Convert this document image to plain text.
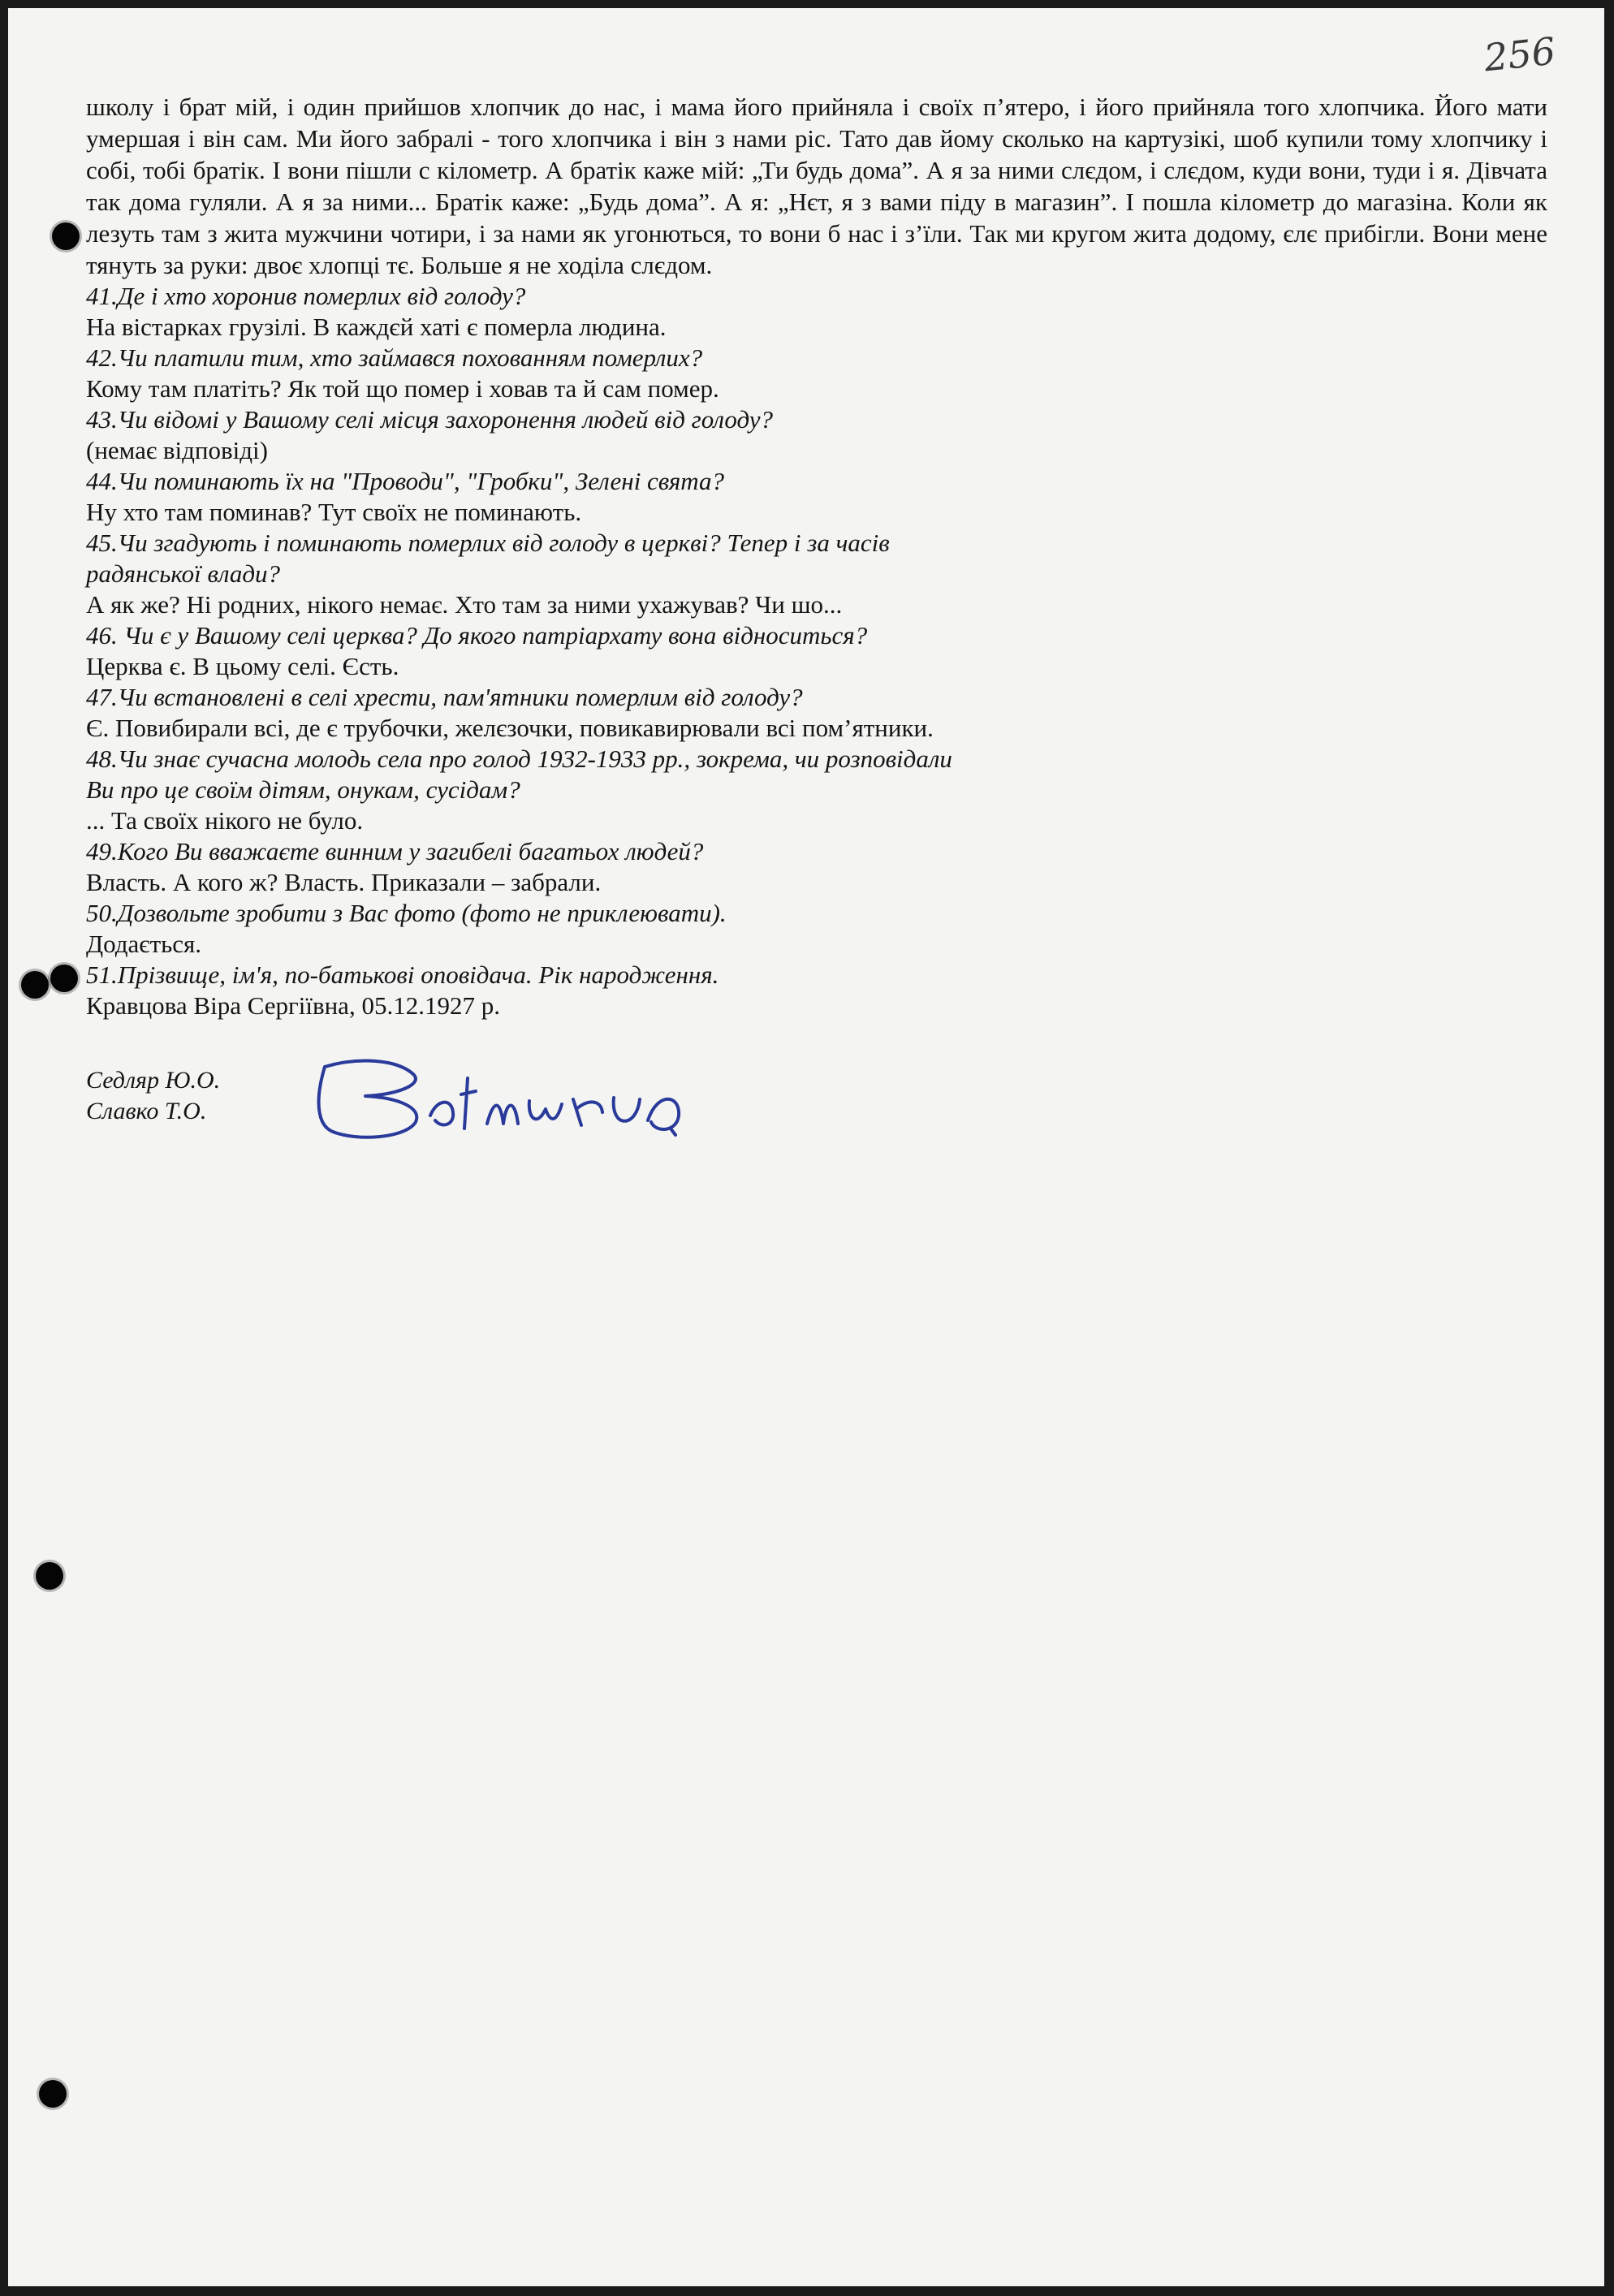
256

школу і брат мій, і один прийшов хлопчик до нас, і мама його прийняла і своїх п’ятеро, і його прийняла того хлопчика. Його мати умершая і він сам. Ми його забралі - того хлопчика і він з нами ріс. Тато дав йому сколько на картузікі, шоб купили тому хлопчику і собі, тобі братік. І вони пішли с кілометр. А братік каже мій: „Ти будь дома”. А я за ними слєдом, і слєдом, куди вони, туди і я. Дівчата так дома гуляли. А я за ними... Братік каже: „Будь дома”. А я: „Нєт, я з вами піду в магазин”. І пошла кілометр до магазіна. Коли як лезуть там з жита мужчини чотири, і за нами як угонються, то вони б нас і з’їли. Так ми кругом жита додому, єлє прибігли. Вони мене тянуть за руки: двоє хлопці тє. Больше я не ходіла слєдом.

41.Де і хто хоронив померлих від голоду?

На вістарках грузілі. В каждєй хаті є померла людина.

42.Чи платили тим, хто займався похованням померлих?

Кому там платіть? Як той що помер і ховав та й сам помер.

43.Чи відомі у Вашому селі місця захоронення людей від голоду?

(немає відповіді)

44.Чи поминають їх на "Проводи", "Гробки", Зелені свята?

Ну хто там поминав? Тут своїх не поминають.

45.Чи згадують і поминають померлих від голоду в церкві? Тепер і за часів радянської влади?

А як же? Ні родних, нікого немає. Хто там за ними ухажував? Чи шо...

46. Чи є у Вашому селі церква? До якого патріархату вона відноситься?

Церква є. В цьому селі. Єсть.

47.Чи встановлені в селі хрести, пам'ятники померлим від голоду?

Є. Повибирали всі, де є трубочки, желєзочки, повикавирювали всі пом’ятники.

48.Чи знає сучасна молодь села про голод 1932-1933 рр., зокрема, чи розповідали Ви про це своїм дітям, онукам, сусідам?

... Та своїх нікого не було.

49.Кого Ви вважаєте винним у загибелі багатьох людей?

Власть. А кого ж? Власть. Приказали – забрали.

50.Дозвольте зробити з Вас фото (фото не приклеювати).

Додається.

51.Прізвище, ім'я, по-батькові оповідача. Рік народження.

Кравцова Віра Сергіївна, 05.12.1927 р.

Седляр Ю.О.
Славко Т.О.
